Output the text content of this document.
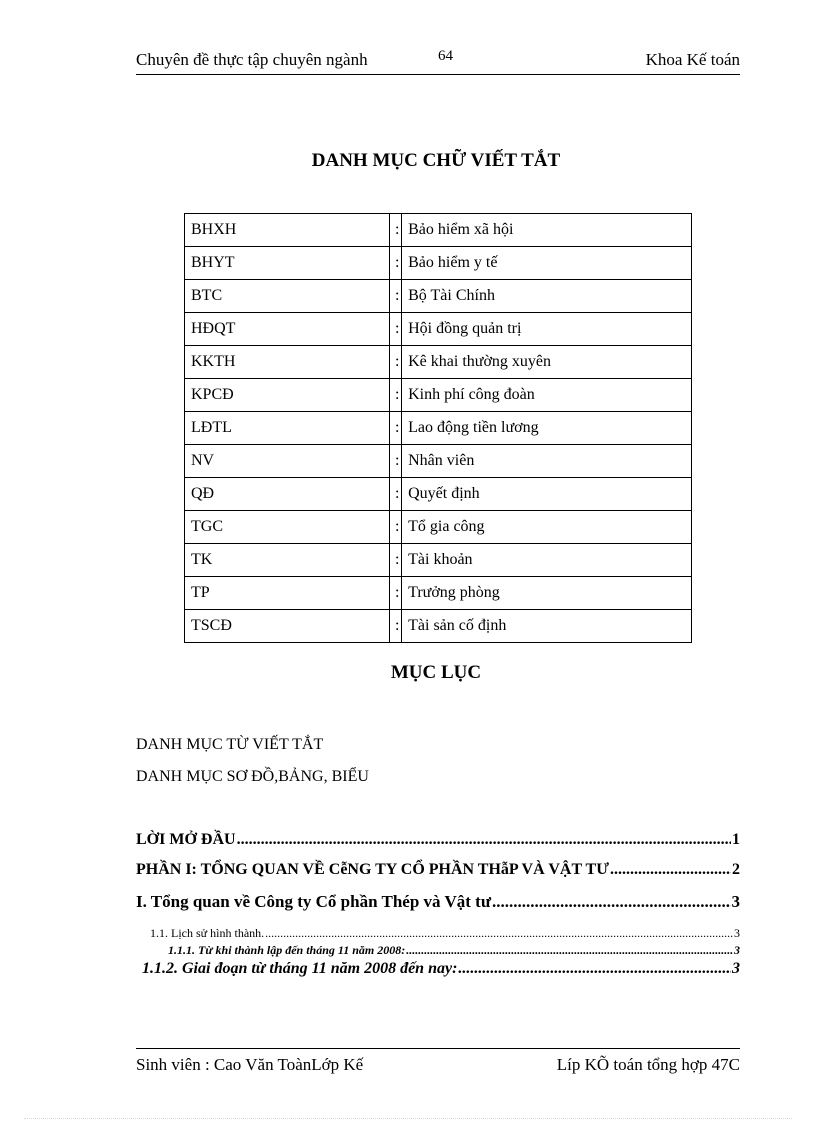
Chuyên đề thực tập chuyên ngành	64	Khoa Kế toán
DANH MỤC CHỮ VIẾT TẮT
BHXH	:	Bảo hiểm xã hội
BHYT	:	Bảo hiểm y tế
BTC	:	Bộ Tài Chính
HĐQT	:	Hội đồng quản trị
KKTH	:	Kê khai thường xuyên
KPCĐ	:	Kinh phí công đoàn
LĐTL	:	Lao động tiền lương
NV	:	Nhân viên
QĐ	:	Quyết định
TGC	:	Tổ gia công
TK	:	Tài khoản
TP	:	Trưởng phòng
TSCĐ	:	Tài sản cố định
MỤC LỤC
DANH MỤC TỪ VIẾT TẮT
DANH MỤC SƠ ĐỒ,BẢNG, BIỂU
LỜI MỞ ĐẦU .....	1
PHẦN I: TỔNG QUAN VỀ CễNG TY CỔ PHẦN THẫP VÀ VẬT TƯ .....	2
I. Tổng quan về Công ty Cổ phần Thép và Vật tư .....	3
1.1. Lịch sử hình thành. .....	3
1.1.1. Từ khi thành lập đến tháng 11 năm 2008: .....	3
1.1.2. Giai đoạn từ tháng 11 năm 2008 đến nay: .....	3
Sinh viên : Cao Văn ToànLớp Kế	Líp KÕ toán tổng hợp 47C
